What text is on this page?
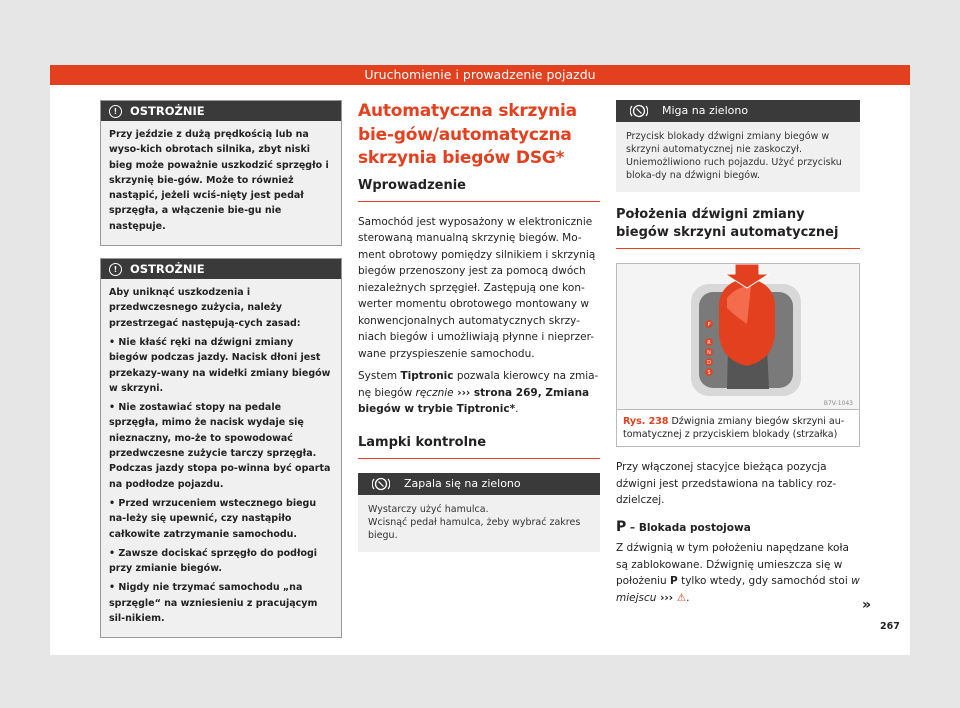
Uruchomienie i prowadzenie pojazdu
!	OSTROŻNIE

Przy jeździe z dużą prędkością lub na wyso-kich obrotach silnika, zbyt niski bieg może poważnie uszkodzić sprzęgło i skrzynię bie-gów. Może to również nastąpić, jeżeli wciś-nięty jest pedał sprzęgła, a włączenie bie-gu nie następuje.

!	OSTROŻNIE

Aby uniknąć uszkodzenia i przedwczesnego zużycia, należy przestrzegać następują-cych zasad:

• Nie kłaść ręki na dźwigni zmiany biegów podczas jazdy. Nacisk dłoni jest przekazy-wany na widełki zmiany biegów w skrzyni.

• Nie zostawiać stopy na pedale sprzęgła, mimo że nacisk wydaje się nieznaczny, mo-że to spowodować przedwczesne zużycie tarczy sprzęgła. Podczas jazdy stopa po-winna być oparta na podłodze pojazdu.

• Przed wrzuceniem wstecznego biegu na-leży się upewnić, czy nastąpiło całkowite zatrzymanie samochodu.

• Zawsze dociskać sprzęgło do podłogi przy zmianie biegów.

• Nigdy nie trzymać samochodu „na sprzęgle“ na wzniesieniu z pracującym sil-nikiem.

Automatyczna skrzynia bie-gów/automatyczna skrzynia biegów DSG*
Wprowadzenie

Samochód jest wyposażony w elektronicznie sterowaną manualną skrzynię biegów. Mo-ment obrotowy pomiędzy silnikiem i skrzynią biegów przenoszony jest za pomocą dwóch niezależnych sprzęgieł. Zastępują one kon-werter momentu obrotowego montowany w konwencjonalnych automatycznych skrzy-niach biegów i umożliwiają płynne i nieprzer-wane przyspieszenie samochodu.

System Tiptronic pozwala kierowcy na zmia-nę biegów ręcznie ››› strona 269, Zmiana biegów w trybie Tiptronic*.

Lampki kontrolne
Zapala się na zielono

Wystarczy użyć hamulca.

Wcisnąć pedał hamulca, żeby wybrać zakres biegu.

Miga na zielono

Przycisk blokady dźwigni zmiany biegów w skrzyni automatycznej nie zaskoczył.

Uniemożliwiono ruch pojazdu. Użyć przycisku bloka-dy na dźwigni biegów.

Położenia dźwigni zmiany biegów skrzyni automatycznej
P
R
N
D
S
B7V-1043
Rys. 238 Dźwignia zmiany biegów skrzyni au-tomatycznej z przyciskiem blokady (strzałka)

Przy włączonej stacyjce bieżąca pozycja dźwigni jest przedstawiona na tablicy roz-dzielczej.

P – Blokada postojowa

Z dźwignią w tym położeniu napędzane koła są zablokowane. Dźwignię umieszcza się w położeniu P tylko wtedy, gdy samochód stoi w miejscu ››› ⚠.	»
267
